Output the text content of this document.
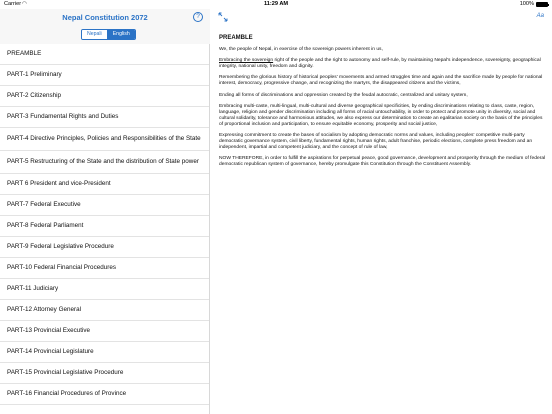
Carrier ◠	11:29 AM	100%
Nepal Constitution 2072	?
Nepali	English
PREAMBLE
PART-1 Preliminary
PART-2 Citizenship
PART-3 Fundamental Rights and Duties
PART-4 Directive Principles, Policies and Responsibilities of the State
PART-5 Restructuring of the State and the distribution of State power
PART 6 President and vice-President
PART-7 Federal Executive
PART-8 Federal Parliament
PART-9 Federal Legislative Procedure
PART-10 Federal Financial Procedures
PART-11 Judiciary
PART-12 Attorney General
PART-13 Provincial Executive
PART-14 Provincial Legislature
PART-15 Provincial Legislative Procedure
PART-16 Financial Procedures of Province
Aa
PREAMBLE

We, the people of Nepal, in exercise of the sovereign powers inherent in us,

Embracing the sovereign right of the people and the right to autonomy and self-rule, by maintaining Nepal's independence, sovereignty, geographical integrity, national unity, freedom and dignity.

Remembering the glorious history of historical peoples' movements and armed struggles time and again and the sacrifice made by people for national interest, democracy, progressive change, and recognizing the martyrs, the disappeared citizens and the victims,

Ending all forms of discriminations and oppression created by the feudal autocratic, centralized and unitary system,

Embracing multi-caste, multi-lingual, multi-cultural and diverse geographical specificities, by ending discriminations relating to class, caste, region, language, religion and gender discrimination including all forms of racial untouchability, in order to protect and promote unity in diversity, social and cultural solidarity, tolerance and harmonious attitudes, we also express our determination to create an egalitarian society on the basis of the principles of proportional inclusion and participation, to ensure equitable economy, prosperity and social justice,

Expressing commitment to create the bases of socialism by adopting democratic norms and values, including peoples' competitive multi-party democratic governance system, civil liberty, fundamental rights, human rights, adult franchise, periodic elections, complete press freedom and an independent, impartial and competent judiciary, and the concept of rule of law,

NOW THEREFORE, in order to fulfill the aspirations for perpetual peace, good governance, development and prosperity through the medium of federal democratic republican system of governance, hereby promulgate this Constitution through the Constituent Assembly.
